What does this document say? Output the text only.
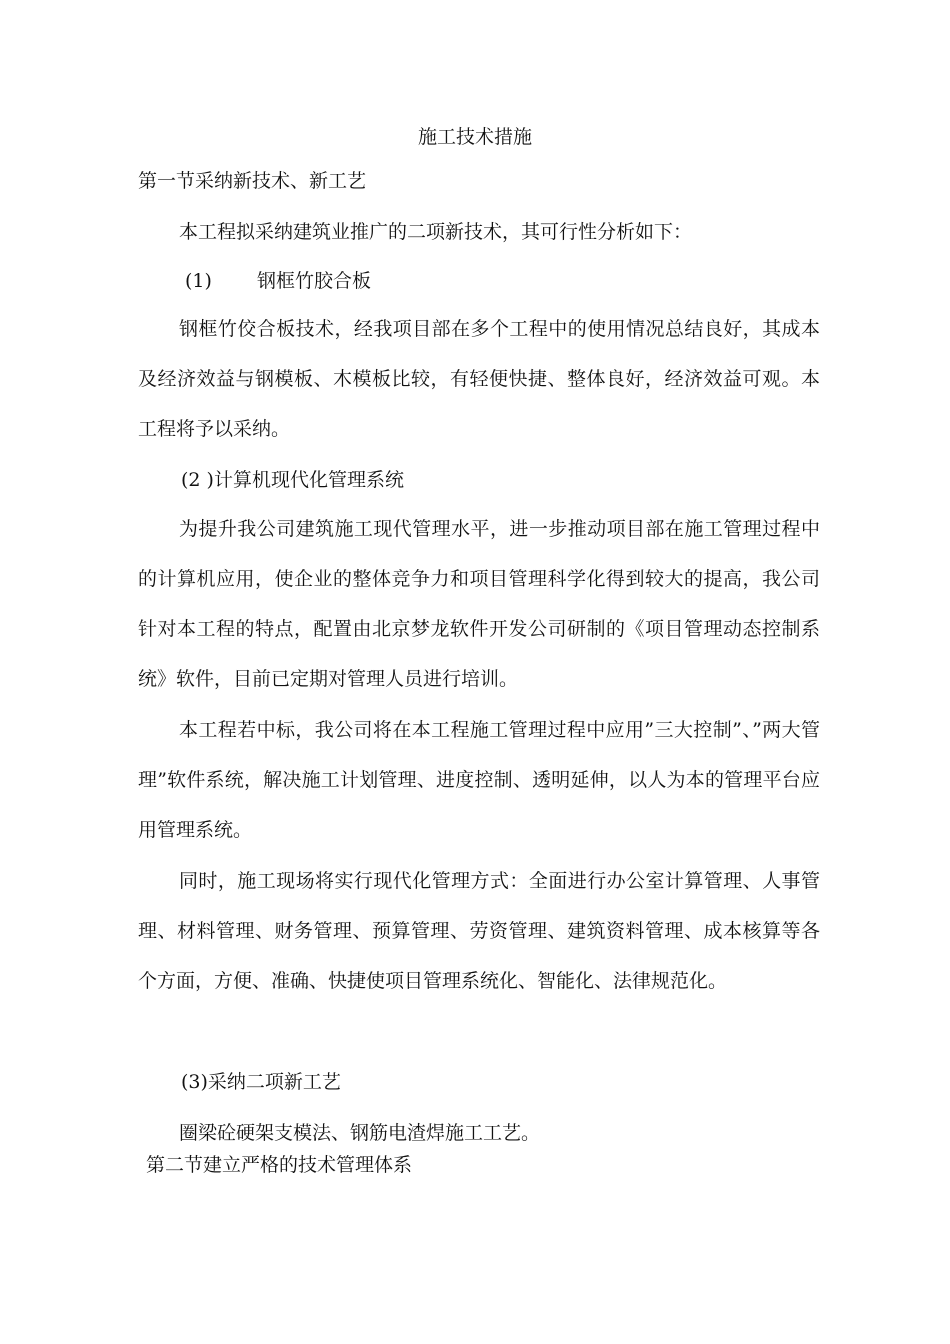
施工技术措施
第一节采纳新技术、新工艺
本工程拟采纳建筑业推广的二项新技术，其可行性分析如下：
(1) 钢框竹胶合板
钢框竹佼合板技术，经我项目部在多个工程中的使用情况总结良好，其成本及经济效益与钢模板、木模板比较，有轻便快捷、整体良好，经济效益可观。本工程将予以采纳。
(2 )计算机现代化管理系统
为提升我公司建筑施工现代管理水平，进一步推动项目部在施工管理过程中的计算机应用，使企业的整体竞争力和项目管理科学化得到较大的提高，我公司针对本工程的特点，配置由北京梦龙软件开发公司研制的《项目管理动态控制系统》软件，目前已定期对管理人员进行培训。
本工程若中标，我公司将在本工程施工管理过程中应用”三大控制”、”两大管理”软件系统，解决施工计划管理、进度控制、透明延伸，以人为本的管理平台应用管理系统。
同时，施工现场将实行现代化管理方式：全面进行办公室计算管理、人事管理、材料管理、财务管理、预算管理、劳资管理、建筑资料管理、成本核算等各个方面，方便、准确、快捷使项目管理系统化、智能化、法律规范化。
(3)采纳二项新工艺
圈梁砼硬架支模法、钢筋电渣焊施工工艺。
第二节建立严格的技术管理体系
